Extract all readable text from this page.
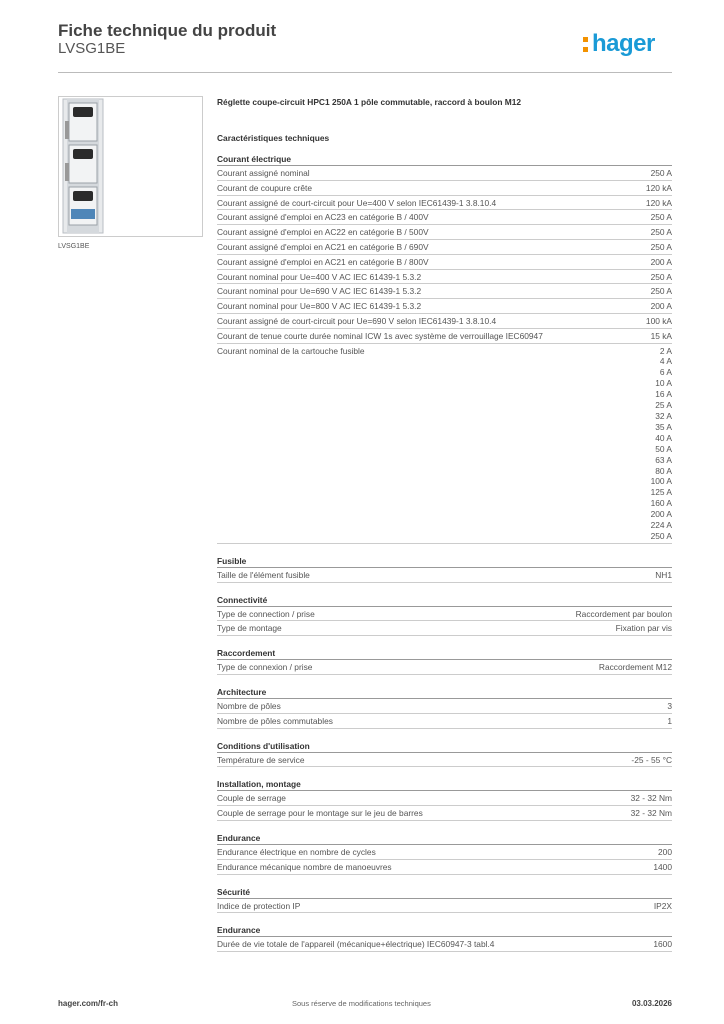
Fiche technique du produit
LVSG1BE	hager
LVSG1BE
Réglette coupe-circuit HPC1 250A 1 pôle commutable, raccord à boulon M12
Caractéristiques techniques
Courant électrique
Courant assigné nominal	250 A
Courant de coupure crête	120 kA
Courant assigné de court-circuit pour Ue=400 V selon IEC61439-1 3.8.10.4	120 kA
Courant assigné d'emploi en AC23 en catégorie B / 400V	250 A
Courant assigné d'emploi en AC22 en catégorie B / 500V	250 A
Courant assigné d'emploi en AC21 en catégorie B / 690V	250 A
Courant assigné d'emploi en AC21 en catégorie B / 800V	200 A
Courant nominal pour Ue=400 V AC IEC 61439-1 5.3.2	250 A
Courant nominal pour Ue=690 V AC IEC 61439-1 5.3.2	250 A
Courant nominal pour Ue=800 V AC IEC 61439-1 5.3.2	200 A
Courant assigné de court-circuit pour Ue=690 V selon IEC61439-1 3.8.10.4	100 kA
Courant de tenue courte durée nominal ICW 1s avec système de verrouillage IEC60947	15 kA
Courant nominal de la cartouche fusible	2 A
4 A
6 A
10 A
16 A
25 A
32 A
35 A
40 A
50 A
63 A
80 A
100 A
125 A
160 A
200 A
224 A
250 A
Fusible
Taille de l'élément fusible	NH1
Connectivité
Type de connection / prise	Raccordement par boulon
Type de montage	Fixation par vis
Raccordement
Type de connexion / prise	Raccordement M12
Architecture
Nombre de pôles	3
Nombre de pôles commutables	1
Conditions d'utilisation
Température de service	-25 - 55 °C
Installation, montage
Couple de serrage	32 - 32 Nm
Couple de serrage pour le montage sur le jeu de barres	32 - 32 Nm
Endurance
Endurance électrique en nombre de cycles	200
Endurance mécanique nombre de manoeuvres	1400
Sécurité
Indice de protection IP	IP2X
Endurance
Durée de vie totale de l'appareil (mécanique+électrique) IEC60947-3 tabl.4	1600
hager.com/fr-ch	Sous réserve de modifications techniques	03.03.2026
